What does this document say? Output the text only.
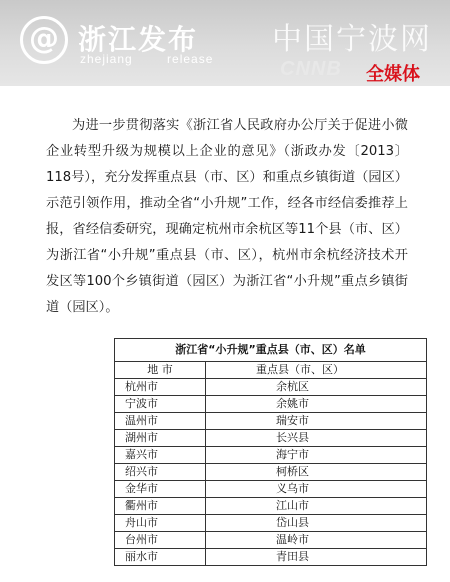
@ 浙江发布
zhejiang	release
中国宁波网
CNNB 全媒体

为进一步贯彻落实《浙江省人民政府办公厅关于促进小微企业转型升级为规模以上企业的意见》（浙政办发〔2013〕118号），充分发挥重点县（市、区）和重点乡镇街道（园区）示范引领作用，推动全省“小升规”工作，经各市经信委推荐上报，省经信委研究，现确定杭州市余杭区等11个县（市、区）为浙江省“小升规”重点县（市、区），杭州市余杭经济技术开发区等100个乡镇街道（园区）为浙江省“小升规”重点乡镇街道（园区）。

浙江省“小升规”重点县（市、区）名单	
地 市	重点县（市、区）
杭州市	余杭区
宁波市	余姚市
温州市	瑞安市
湖州市	长兴县
嘉兴市	海宁市
绍兴市	柯桥区
金华市	义乌市
衢州市	江山市
舟山市	岱山县
台州市	温岭市
丽水市	青田县
